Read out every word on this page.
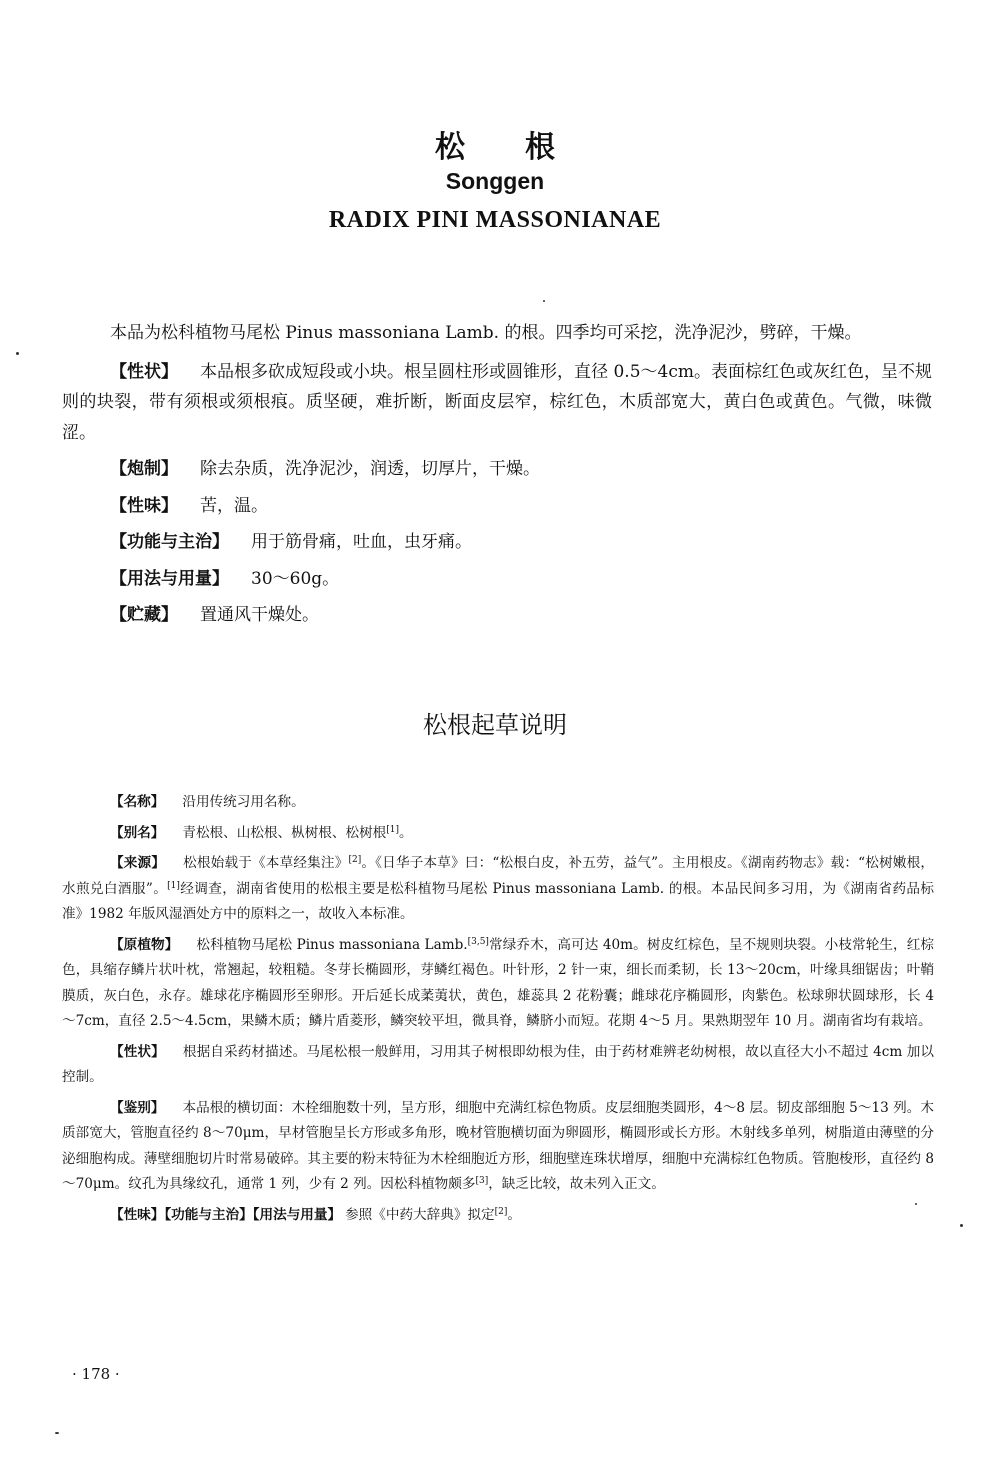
松根
Songgen
RADIX PINI MASSONIANAE

本品为松科植物马尾松 Pinus massoniana Lamb. 的根。四季均可采挖，洗净泥沙，劈碎，干燥。

【性状】 本品根多砍成短段或小块。根呈圆柱形或圆锥形，直径 0.5～4cm。表面棕红色或灰红色，呈不规则的块裂，带有须根或须根痕。质坚硬，难折断，断面皮层窄，棕红色，木质部宽大，黄白色或黄色。气微，味微涩。

【炮制】 除去杂质，洗净泥沙，润透，切厚片，干燥。
【性味】 苦，温。
【功能与主治】 用于筋骨痛，吐血，虫牙痛。
【用法与用量】 30～60g。
【贮藏】 置通风干燥处。
松根起草说明

【名称】 沿用传统习用名称。

【别名】 青松根、山松根、枞树根、松树根[1]。

【来源】 松根始载于《本草经集注》[2]。《日华子本草》曰：“松根白皮，补五劳，益气”。主用根皮。《湖南药物志》载：“松树嫩根，水煎兑白酒服”。[1]经调查，湖南省使用的松根主要是松科植物马尾松 Pinus massoniana Lamb. 的根。本品民间多习用，为《湖南省药品标准》1982 年版风湿酒处方中的原料之一，故收入本标准。

【原植物】 松科植物马尾松 Pinus massoniana Lamb.[3,5]常绿乔木，高可达 40m。树皮红棕色，呈不规则块裂。小枝常轮生，红棕色，具缩存鳞片状叶枕，常翘起，较粗糙。冬芽长椭圆形，芽鳞红褐色。叶针形，2 针一束，细长而柔韧，长 13～20cm，叶缘具细锯齿；叶鞘膜质，灰白色，永存。雄球花序椭圆形至卵形。开后延长成葇荑状，黄色，雄蕊具 2 花粉囊；雌球花序椭圆形，肉紫色。松球卵状圆球形，长 4～7cm，直径 2.5～4.5cm，果鳞木质；鳞片盾菱形，鳞突较平坦，微具脊，鳞脐小而短。花期 4～5 月。果熟期翌年 10 月。湖南省均有栽培。

【性状】 根据自采药材描述。马尾松根一般鲜用，习用其子树根即幼根为佳，由于药材难辨老幼树根，故以直径大小不超过 4cm 加以控制。

【鉴别】 本品根的横切面：木栓细胞数十列，呈方形，细胞中充满红棕色物质。皮层细胞类圆形，4～8 层。韧皮部细胞 5～13 列。木质部宽大，管胞直径约 8～70μm，早材管胞呈长方形或多角形，晚材管胞横切面为卵圆形，椭圆形或长方形。木射线多单列，树脂道由薄壁的分泌细胞构成。薄壁细胞切片时常易破碎。其主要的粉末特征为木栓细胞近方形，细胞壁连珠状增厚，细胞中充满棕红色物质。管胞梭形，直径约 8～70μm。纹孔为具缘纹孔，通常 1 列，少有 2 列。因松科植物颇多[3]，缺乏比较，故未列入正文。

【性味】【功能与主治】【用法与用量】 参照《中药大辞典》拟定[2]。

· 178 ·
